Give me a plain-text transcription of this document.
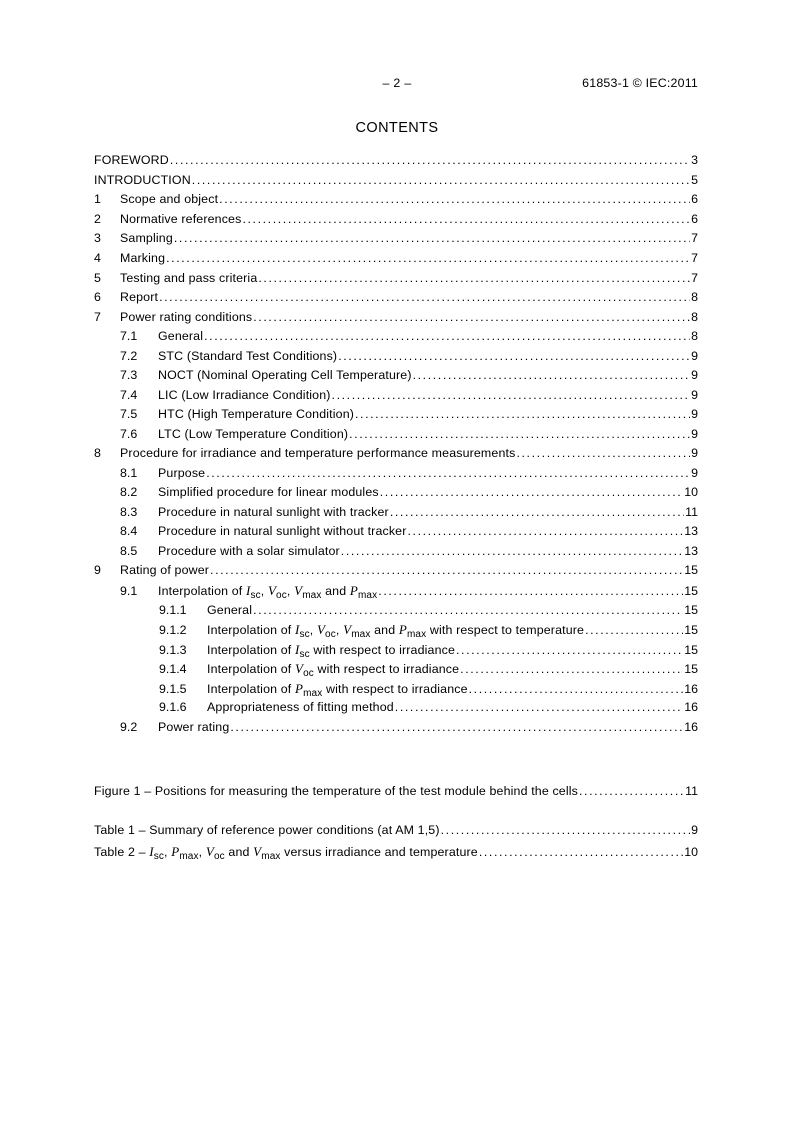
– 2 –	61853-1 © IEC:2011
CONTENTS
FOREWORD .....	3
INTRODUCTION .....	5
1	Scope and object .....	6
2	Normative references .....	6
3	Sampling .....	7
4	Marking .....	7
5	Testing and pass criteria .....	7
6	Report .....	8
7	Power rating conditions .....	8
7.1	General .....	8
7.2	STC (Standard Test Conditions) .....	9
7.3	NOCT (Nominal Operating Cell Temperature) .....	9
7.4	LIC (Low Irradiance Condition) .....	9
7.5	HTC (High Temperature Condition) .....	9
7.6	LTC (Low Temperature Condition) .....	9
8	Procedure for irradiance and temperature performance measurements .....	9
8.1	Purpose .....	9
8.2	Simplified procedure for linear modules .....	10
8.3	Procedure in natural sunlight with tracker .....	11
8.4	Procedure in natural sunlight without tracker .....	13
8.5	Procedure with a solar simulator .....	13
9	Rating of power .....	15
9.1	Interpolation of $I_{sc}$, $V_{oc}$, $V_{max}$ and $P_{max}$ .....	15
9.1.1	General .....	15
9.1.2	Interpolation of $I_{sc}$, $V_{oc}$, $V_{max}$ and $P_{max}$ with respect to temperature .....	15
9.1.3	Interpolation of $I_{sc}$ with respect to irradiance .....	15
9.1.4	Interpolation of $V_{oc}$ with respect to irradiance .....	15
9.1.5	Interpolation of $P_{max}$ with respect to irradiance .....	16
9.1.6	Appropriateness of fitting method .....	16
9.2	Power rating .....	16
Figure 1 – Positions for measuring the temperature of the test module behind the cells .....	11
Table 1 – Summary of reference power conditions (at AM 1,5) .....	9
Table $2 - I_{sc}$, $P_{max}$, $V_{oc}$ and $V_{max}$ versus irradiance and temperature .....	10
